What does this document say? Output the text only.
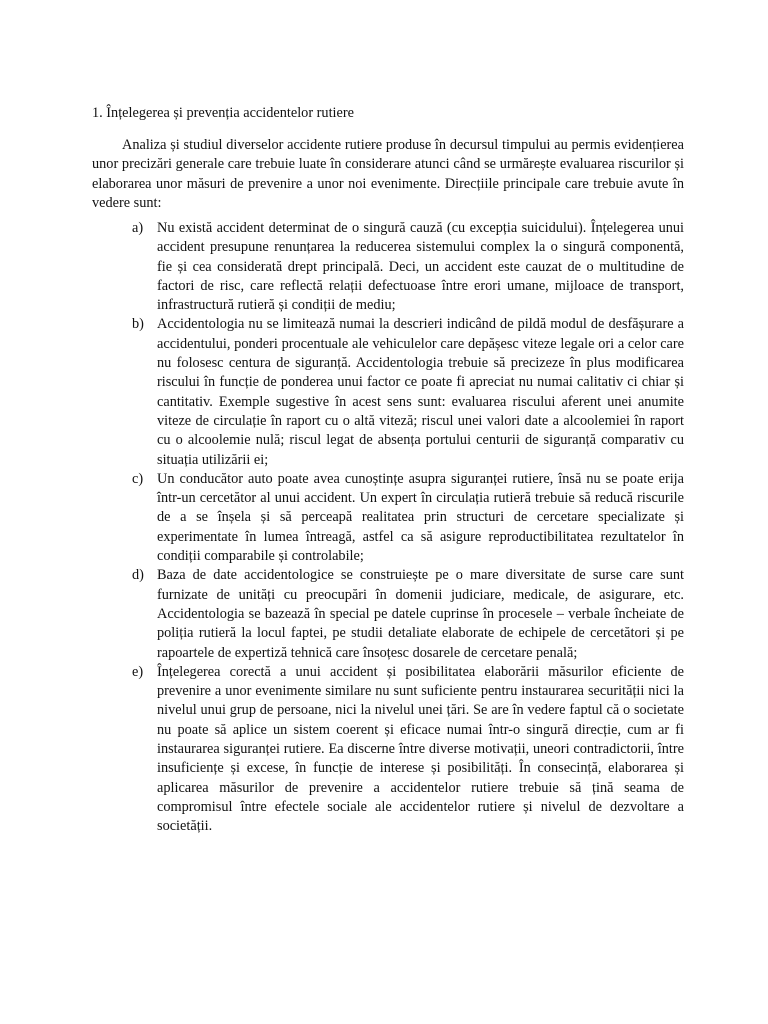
1. Înțelegerea și prevenția accidentelor rutiere

Analiza și studiul diverselor accidente rutiere produse în decursul timpului au permis evidențierea unor precizări generale care trebuie luate în considerare atunci când se urmărește evaluarea riscurilor și elaborarea unor măsuri de prevenire a unor noi evenimente. Direcțiile principale care trebuie avute în vedere sunt:

a) Nu există accident determinat de o singură cauză (cu excepția suicidului). Înțelegerea unui accident presupune renunțarea la reducerea sistemului complex la o singură componentă, fie și cea considerată drept principală. Deci, un accident este cauzat de o multitudine de factori de risc, care reflectă relații defectuoase între erori umane, mijloace de transport, infrastructură rutieră și condiții de mediu;
b) Accidentologia nu se limitează numai la descrieri indicând de pildă modul de desfășurare a accidentului, ponderi procentuale ale vehiculelor care depășesc viteze legale ori a celor care nu folosesc centura de siguranță. Accidentologia trebuie să precizeze în plus modificarea riscului în funcție de ponderea unui factor ce poate fi apreciat nu numai calitativ ci chiar și cantitativ. Exemple sugestive în acest sens sunt: evaluarea riscului aferent unei anumite viteze de circulație în raport cu o altă viteză; riscul unei valori date a alcoolemiei în raport cu o alcoolemie nulă; riscul legat de absența portului centurii de siguranță comparativ cu situația utilizării ei;
c) Un conducător auto poate avea cunoștințe asupra siguranței rutiere, însă nu se poate erija într-un cercetător al unui accident. Un expert în circulația rutieră trebuie să reducă riscurile de a se înșela și să perceapă realitatea prin structuri de cercetare specializate și experimentate în lumea întreagă, astfel ca să asigure reproductibilitatea rezultatelor în condiții comparabile și controlabile;
d) Baza de date accidentologice se construiește pe o mare diversitate de surse care sunt furnizate de unități cu preocupări în domenii judiciare, medicale, de asigurare, etc. Accidentologia se bazează în special pe datele cuprinse în procesele – verbale încheiate de poliția rutieră la locul faptei, pe studii detaliate elaborate de echipele de cercetători și pe rapoartele de expertiză tehnică care însoțesc dosarele de cercetare penală;
e) Înțelegerea corectă a unui accident și posibilitatea elaborării măsurilor eficiente de prevenire a unor evenimente similare nu sunt suficiente pentru instaurarea securității nici la nivelul unui grup de persoane, nici la nivelul unei țări. Se are în vedere faptul că o societate nu poate să aplice un sistem coerent și eficace numai într-o singură direcție, cum ar fi instaurarea siguranței rutiere. Ea discerne între diverse motivații, uneori contradictorii, între insuficiențe și excese, în funcție de interese și posibilități. În consecință, elaborarea și aplicarea măsurilor de prevenire a accidentelor rutiere trebuie să țină seama de compromisul între efectele sociale ale accidentelor rutiere și nivelul de dezvoltare a societății.
